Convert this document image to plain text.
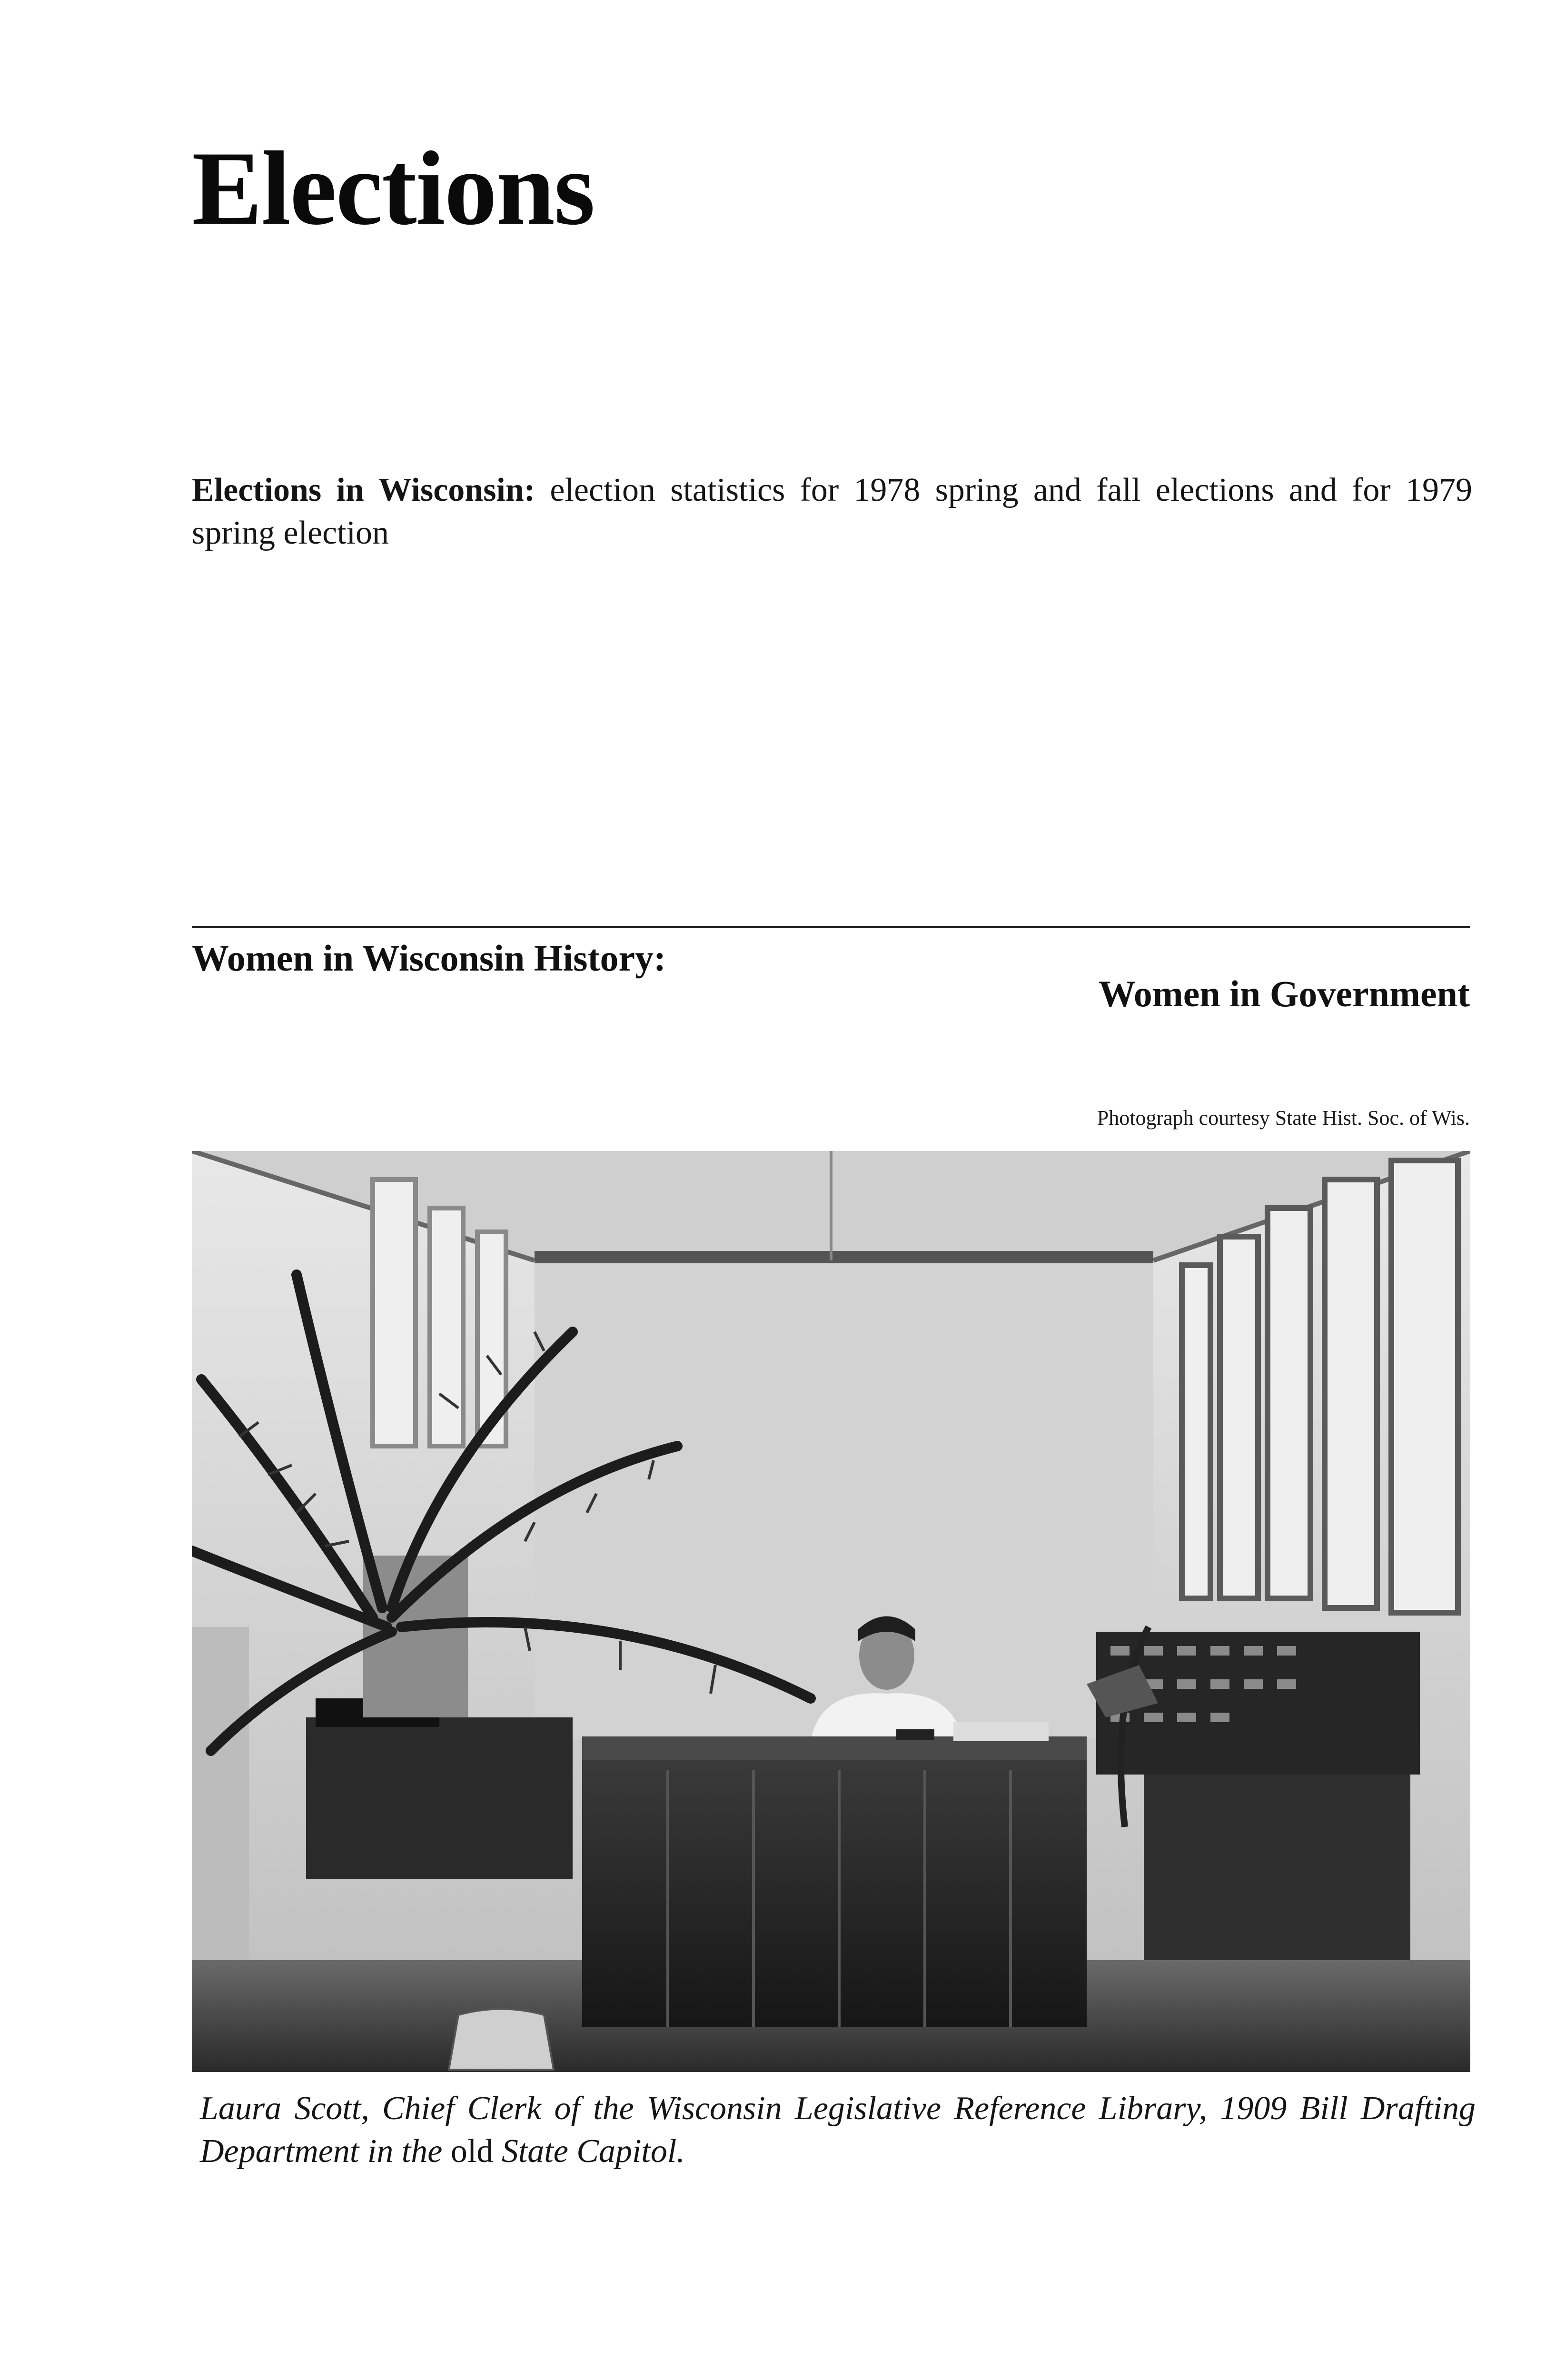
Elections
Elections in Wisconsin: election statistics for 1978 spring and fall elections and for 1979 spring election
Women in Wisconsin History:
Women in Government
Photograph courtesy State Hist. Soc. of Wis.
Laura Scott, Chief Clerk of the Wisconsin Legislative Reference Library, 1909 Bill Drafting Department in the old State Capitol.
